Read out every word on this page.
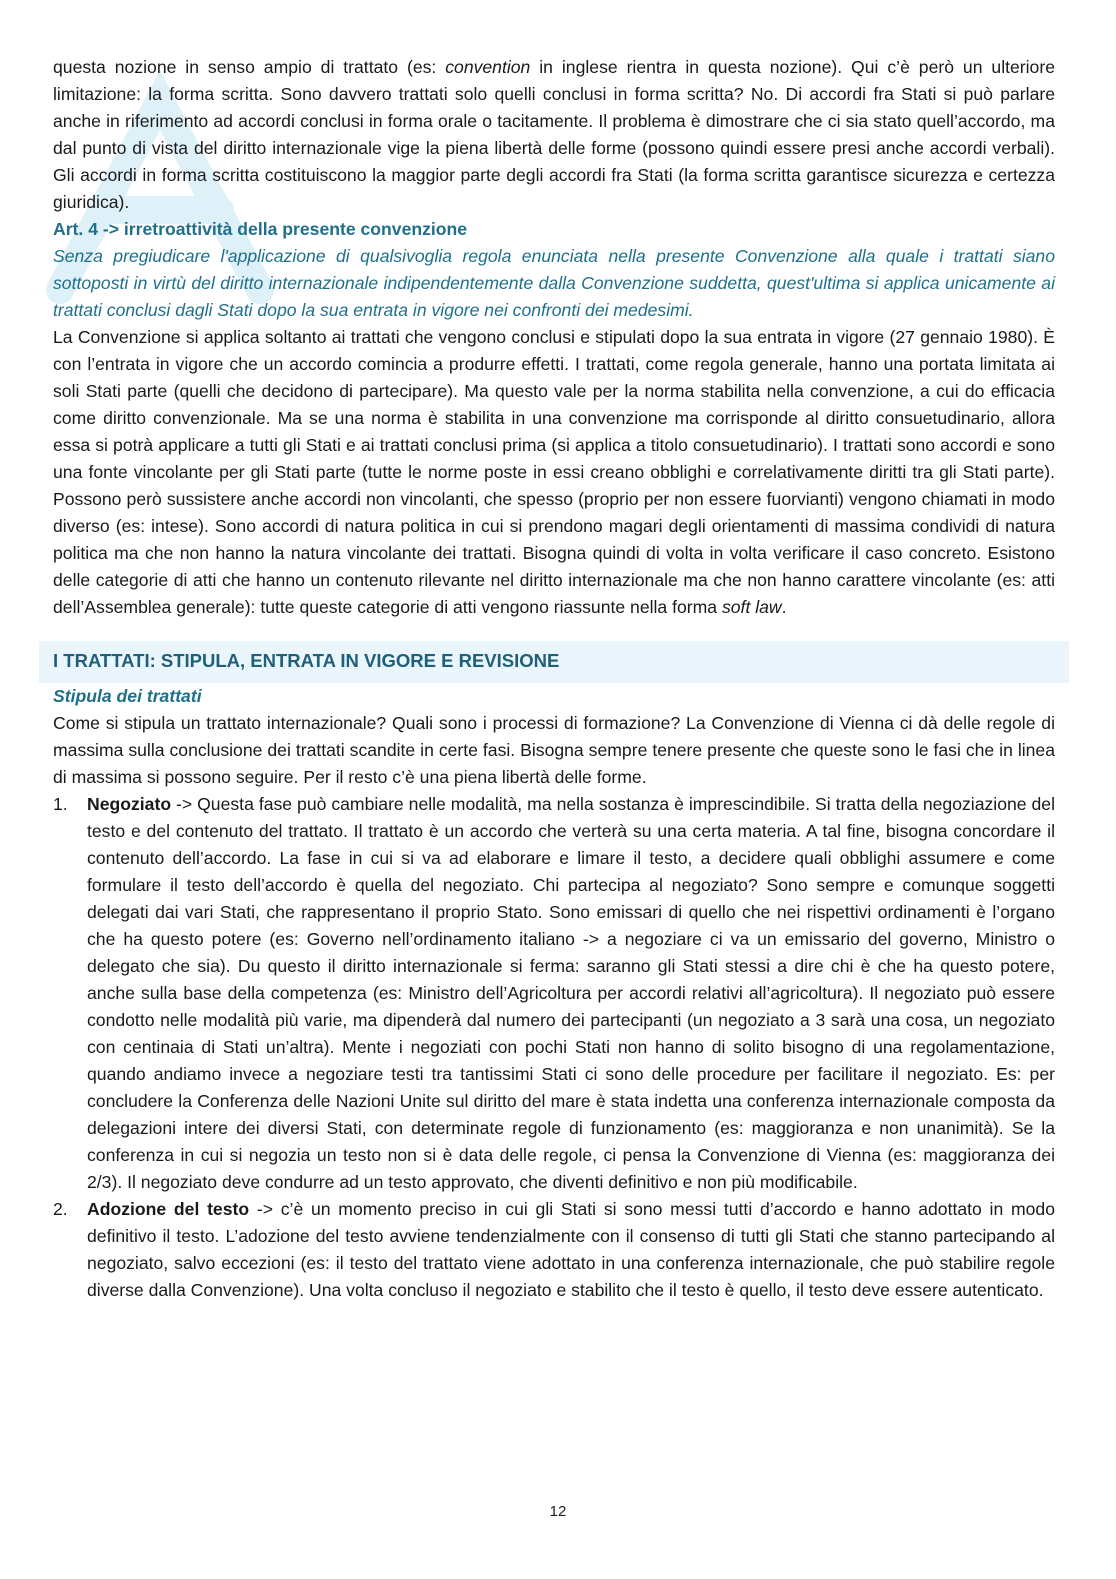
questa nozione in senso ampio di trattato (es: convention in inglese rientra in questa nozione). Qui c’è però un ulteriore limitazione: la forma scritta. Sono davvero trattati solo quelli conclusi in forma scritta? No. Di accordi fra Stati si può parlare anche in riferimento ad accordi conclusi in forma orale o tacitamente. Il problema è dimostrare che ci sia stato quell’accordo, ma dal punto di vista del diritto internazionale vige la piena libertà delle forme (possono quindi essere presi anche accordi verbali). Gli accordi in forma scritta costituiscono la maggior parte degli accordi fra Stati (la forma scritta garantisce sicurezza e certezza giuridica).

Art. 4 -> irretroattività della presente convenzione

Senza pregiudicare l'applicazione di qualsivoglia regola enunciata nella presente Convenzione alla quale i trattati siano sottoposti in virtù del diritto internazionale indipendentemente dalla Convenzione suddetta, quest'ultima si applica unicamente ai trattati conclusi dagli Stati dopo la sua entrata in vigore nei confronti dei medesimi.

La Convenzione si applica soltanto ai trattati che vengono conclusi e stipulati dopo la sua entrata in vigore (27 gennaio 1980). È con l’entrata in vigore che un accordo comincia a produrre effetti. I trattati, come regola generale, hanno una portata limitata ai soli Stati parte (quelli che decidono di partecipare). Ma questo vale per la norma stabilita nella convenzione, a cui do efficacia come diritto convenzionale. Ma se una norma è stabilita in una convenzione ma corrisponde al diritto consuetudinario, allora essa si potrà applicare a tutti gli Stati e ai trattati conclusi prima (si applica a titolo consuetudinario). I trattati sono accordi e sono una fonte vincolante per gli Stati parte (tutte le norme poste in essi creano obblighi e correlativamente diritti tra gli Stati parte). Possono però sussistere anche accordi non vincolanti, che spesso (proprio per non essere fuorvianti) vengono chiamati in modo diverso (es: intese). Sono accordi di natura politica in cui si prendono magari degli orientamenti di massima condividi di natura politica ma che non hanno la natura vincolante dei trattati. Bisogna quindi di volta in volta verificare il caso concreto. Esistono delle categorie di atti che hanno un contenuto rilevante nel diritto internazionale ma che non hanno carattere vincolante (es: atti dell’Assemblea generale): tutte queste categorie di atti vengono riassunte nella forma soft law.

I TRATTATI: STIPULA, ENTRATA IN VIGORE E REVISIONE

Stipula dei trattati

Come si stipula un trattato internazionale? Quali sono i processi di formazione? La Convenzione di Vienna ci dà delle regole di massima sulla conclusione dei trattati scandite in certe fasi. Bisogna sempre tenere presente che queste sono le fasi che in linea di massima si possono seguire. Per il resto c’è una piena libertà delle forme.

1. Negoziato -> Questa fase può cambiare nelle modalità, ma nella sostanza è imprescindibile. Si tratta della negoziazione del testo e del contenuto del trattato. Il trattato è un accordo che verterà su una certa materia. A tal fine, bisogna concordare il contenuto dell’accordo. La fase in cui si va ad elaborare e limare il testo, a decidere quali obblighi assumere e come formulare il testo dell’accordo è quella del negoziato. Chi partecipa al negoziato? Sono sempre e comunque soggetti delegati dai vari Stati, che rappresentano il proprio Stato. Sono emissari di quello che nei rispettivi ordinamenti è l’organo che ha questo potere (es: Governo nell’ordinamento italiano -> a negoziare ci va un emissario del governo, Ministro o delegato che sia). Du questo il diritto internazionale si ferma: saranno gli Stati stessi a dire chi è che ha questo potere, anche sulla base della competenza (es: Ministro dell’Agricoltura per accordi relativi all’agricoltura). Il negoziato può essere condotto nelle modalità più varie, ma dipenderà dal numero dei partecipanti (un negoziato a 3 sarà una cosa, un negoziato con centinaia di Stati un’altra). Mente i negoziati con pochi Stati non hanno di solito bisogno di una regolamentazione, quando andiamo invece a negoziare testi tra tantissimi Stati ci sono delle procedure per facilitare il negoziato. Es: per concludere la Conferenza delle Nazioni Unite sul diritto del mare è stata indetta una conferenza internazionale composta da delegazioni intere dei diversi Stati, con determinate regole di funzionamento (es: maggioranza e non unanimità). Se la conferenza in cui si negozia un testo non si è data delle regole, ci pensa la Convenzione di Vienna (es: maggioranza dei 2/3). Il negoziato deve condurre ad un testo approvato, che diventi definitivo e non più modificabile.
2. Adozione del testo -> c’è un momento preciso in cui gli Stati si sono messi tutti d’accordo e hanno adottato in modo definitivo il testo. L’adozione del testo avviene tendenzialmente con il consenso di tutti gli Stati che stanno partecipando al negoziato, salvo eccezioni (es: il testo del trattato viene adottato in una conferenza internazionale, che può stabilire regole diverse dalla Convenzione). Una volta concluso il negoziato e stabilito che il testo è quello, il testo deve essere autenticato.
12
